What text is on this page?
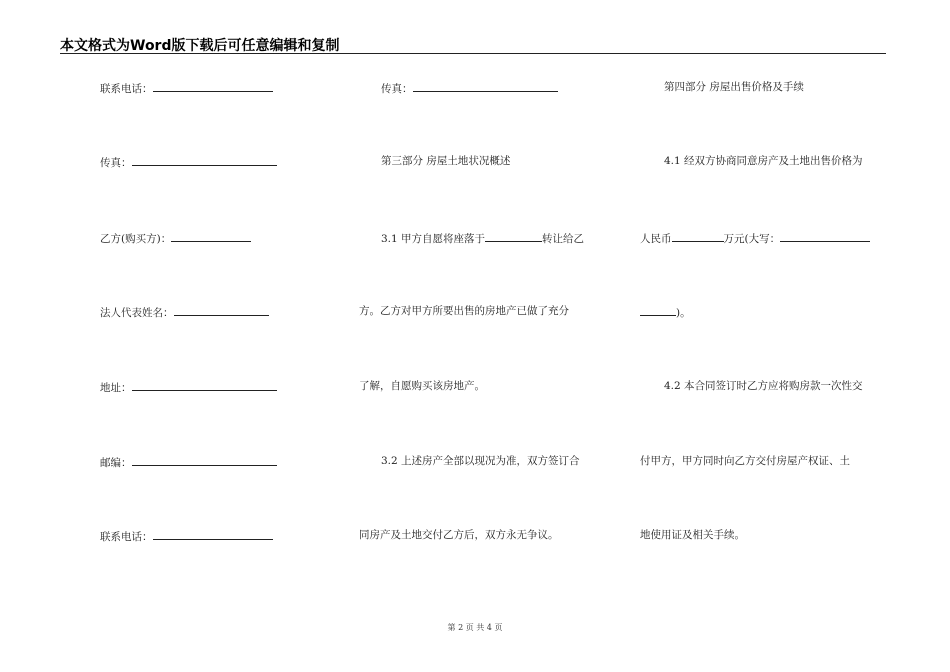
本文格式为Word版下载后可任意编辑和复制
联系电话：
传真：
乙方(购买方)：
法人代表姓名：
地址：
邮编：
联系电话：
传真：
第三部分 房屋土地状况概述
3.1 甲方自愿将座落于	转让给乙
方。乙方对甲方所要出售的房地产已做了充分
了解，自愿购买该房地产。
3.2 上述房产全部以现况为准，双方签订合
同房产及土地交付乙方后，双方永无争议。
第四部分 房屋出售价格及手续
4.1 经双方协商同意房产及土地出售价格为
人民币	万元(大写：
)。
4.2 本合同签订时乙方应将购房款一次性交
付甲方，甲方同时向乙方交付房屋产权证、土
地使用证及相关手续。
第 2 页 共 4 页
